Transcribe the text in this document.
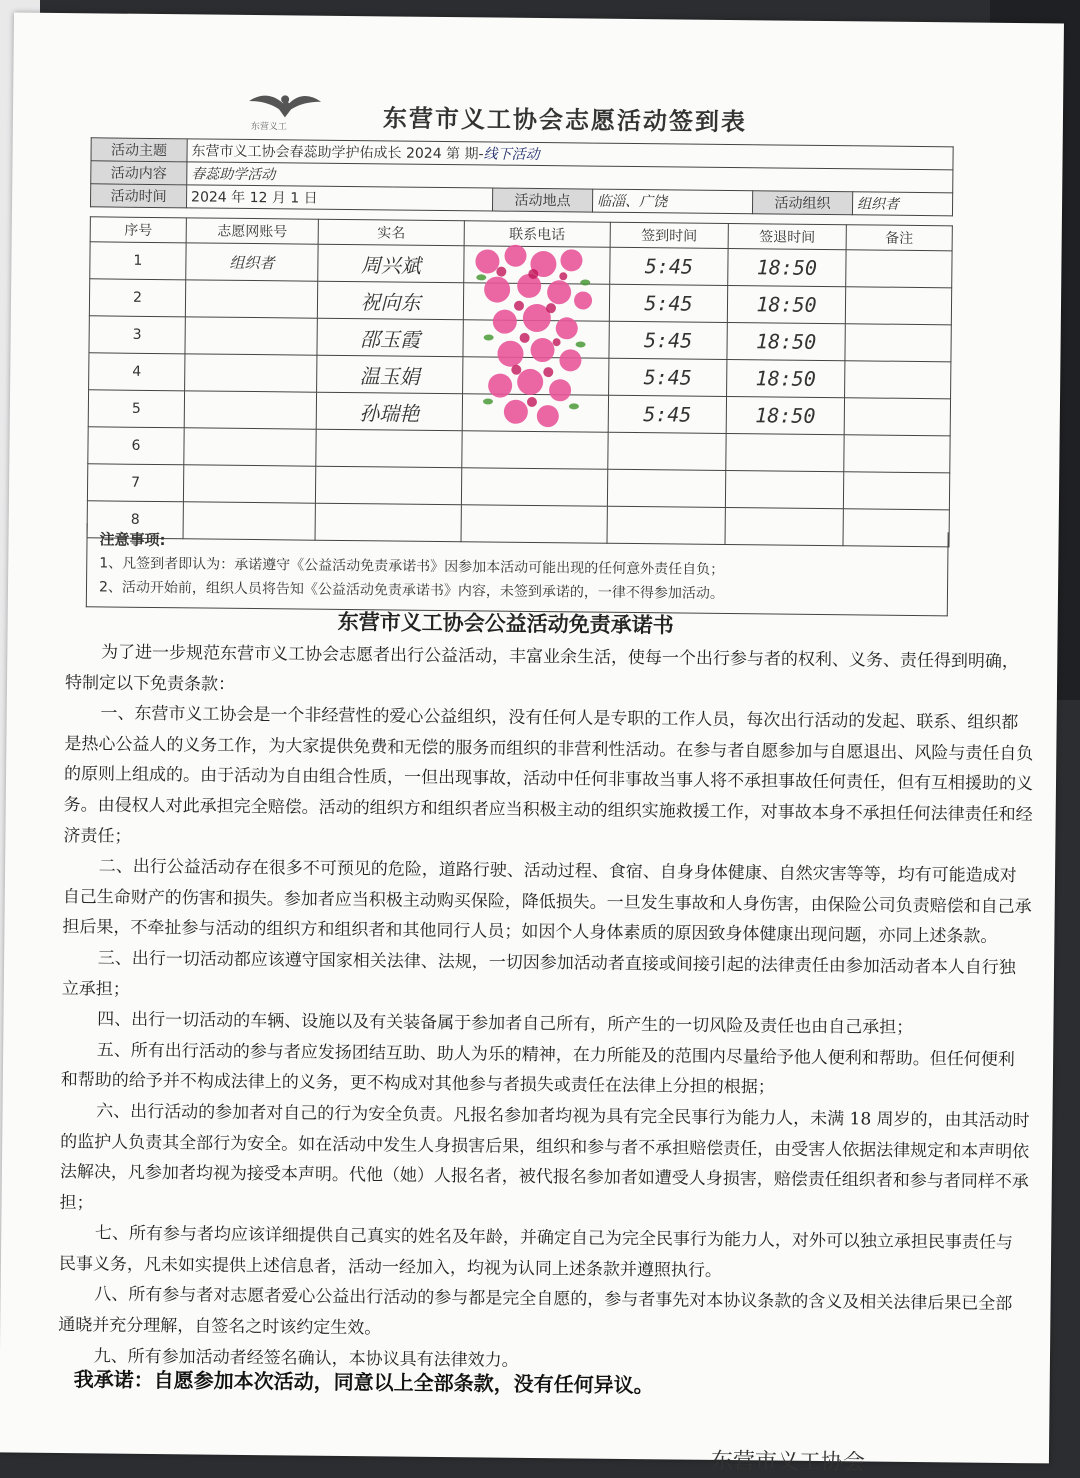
东营义工	东营市义工协会志愿活动签到表
活动主题	东营市义工协会春蕊助学护佑成长 2024 第 期-线下活动				
活动内容	春蕊助学活动				
活动时间	2024 年 12 月 1 日	活动地点	临淄、广饶	活动组织	组织者
序号	志愿网账号	实名	联系电话	签到时间	签退时间	备注
1	组织者	周兴斌		5:45	18:50	
2		祝向东		5:45	18:50	
3		邵玉霞		5:45	18:50	
4		温玉娟		5:45	18:50	
5		孙瑞艳		5:45	18:50	
6						
7						
8						
注意事项:
1、凡签到者即认为：承诺遵守《公益活动免责承诺书》因参加本活动可能出现的任何意外责任自负；
2、活动开始前，组织人员将告知《公益活动免责承诺书》内容，未签到承诺的，一律不得参加活动。
东营市义工协会公益活动免责承诺书

为了进一步规范东营市义工协会志愿者出行公益活动，丰富业余生活，使每一个出行参与者的权利、义务、责任得到明确，特制定以下免责条款：

一、东营市义工协会是一个非经营性的爱心公益组织，没有任何人是专职的工作人员，每次出行活动的发起、联系、组织都是热心公益人的义务工作，为大家提供免费和无偿的服务而组织的非营利性活动。在参与者自愿参加与自愿退出、风险与责任自负的原则上组成的。由于活动为自由组合性质，一但出现事故，活动中任何非事故当事人将不承担事故任何责任，但有互相援助的义务。由侵权人对此承担完全赔偿。活动的组织方和组织者应当积极主动的组织实施救援工作，对事故本身不承担任何法律责任和经济责任；

二、出行公益活动存在很多不可预见的危险，道路行驶、活动过程、食宿、自身身体健康、自然灾害等等，均有可能造成对自己生命财产的伤害和损失。参加者应当积极主动购买保险，降低损失。一旦发生事故和人身伤害，由保险公司负责赔偿和自己承担后果，不牵扯参与活动的组织方和组织者和其他同行人员；如因个人身体素质的原因致身体健康出现问题，亦同上述条款。

三、出行一切活动都应该遵守国家相关法律、法规，一切因参加活动者直接或间接引起的法律责任由参加活动者本人自行独立承担；

四、出行一切活动的车辆、设施以及有关装备属于参加者自己所有，所产生的一切风险及责任也由自己承担；

五、所有出行活动的参与者应发扬团结互助、助人为乐的精神，在力所能及的范围内尽量给予他人便利和帮助。但任何便利和帮助的给予并不构成法律上的义务，更不构成对其他参与者损失或责任在法律上分担的根据；

六、出行活动的参加者对自己的行为安全负责。凡报名参加者均视为具有完全民事行为能力人，未满 18 周岁的，由其活动时的监护人负责其全部行为安全。如在活动中发生人身损害后果，组织和参与者不承担赔偿责任，由受害人依据法律规定和本声明依法解决，凡参加者均视为接受本声明。代他（她）人报名者，被代报名参加者如遭受人身损害，赔偿责任组织者和参与者同样不承担；

七、所有参与者均应该详细提供自己真实的姓名及年龄，并确定自己为完全民事行为能力人，对外可以独立承担民事责任与民事义务，凡未如实提供上述信息者，活动一经加入，均视为认同上述条款并遵照执行。

八、所有参与者对志愿者爱心公益出行活动的参与都是完全自愿的，参与者事先对本协议条款的含义及相关法律后果已全部通晓并充分理解，自签名之时该约定生效。

九、所有参加活动者经签名确认，本协议具有法律效力。

我承诺：自愿参加本次活动，同意以上全部条款，没有任何异议。
东营市义工协会
